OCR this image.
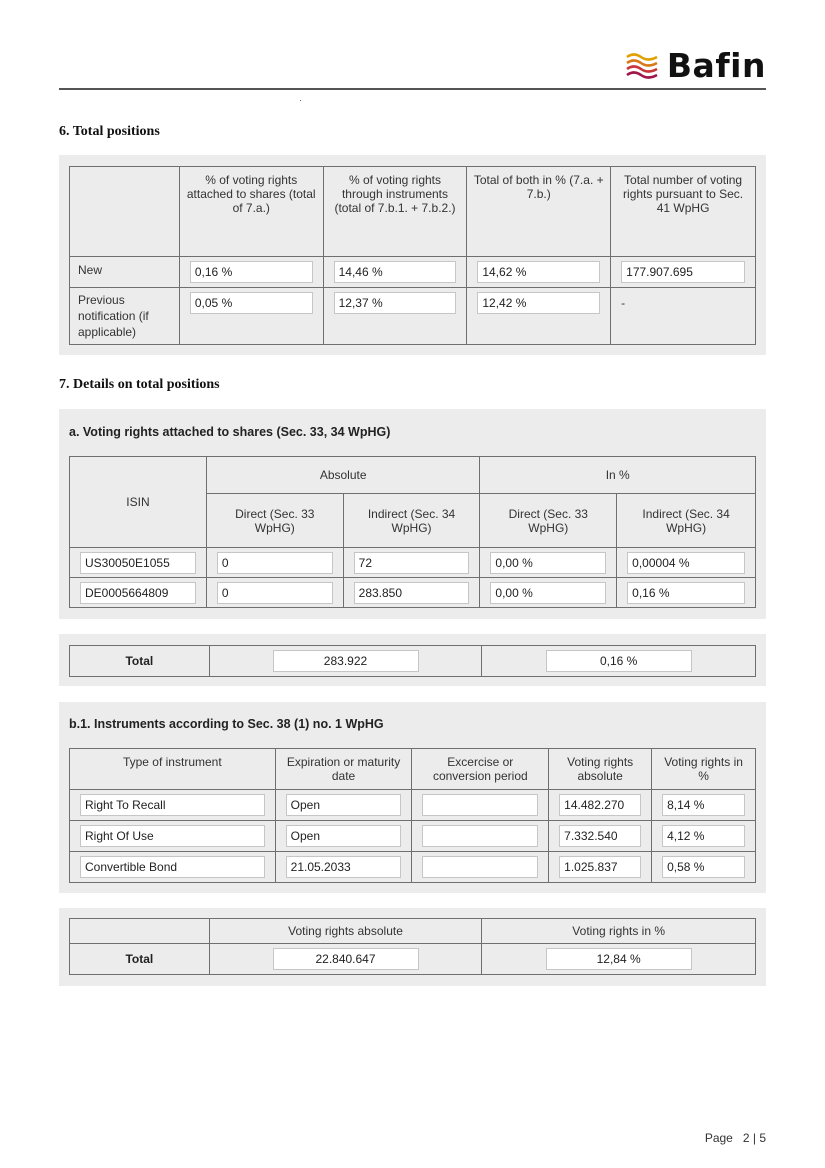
Bafin
6. Total positions
	% of voting rights attached to shares (total of 7.a.)	% of voting rights through instruments (total of 7.b.1. + 7.b.2.)	Total of both in % (7.a. + 7.b.)	Total number of voting rights pursuant to Sec. 41 WpHG
New	0,16 %	14,46 %	14,62 %	177.907.695

Previous notification (if applicable)	0,05 %	12,37 %	12,42 %	-
7. Details on total positions
a. Voting rights attached to shares (Sec. 33, 34 WpHG)
ISIN	Absolute		In %	
	Direct (Sec. 33 WpHG)	Indirect (Sec. 34 WpHG)	Direct (Sec. 33 WpHG)	Indirect (Sec. 34 WpHG)

US30050E1055	0	72	0,00 %	0,00004 %

DE0005664809	0	283.850	0,00 %	0,16 %
Total	283.922	0,16 %
b.1. Instruments according to Sec. 38 (1) no. 1 WpHG
Type of instrument	Expiration or maturity date	Excercise or conversion period	Voting rights absolute	Voting rights in %

Right To Recall	Open		14.482.270	8,14 %

Right Of Use	Open		7.332.540	4,12 %

Convertible Bond	21.05.2033		1.025.837	0,58 %
	Voting rights absolute	Voting rights in %
Total	22.840.647	12,84 %
Page 2 | 5
